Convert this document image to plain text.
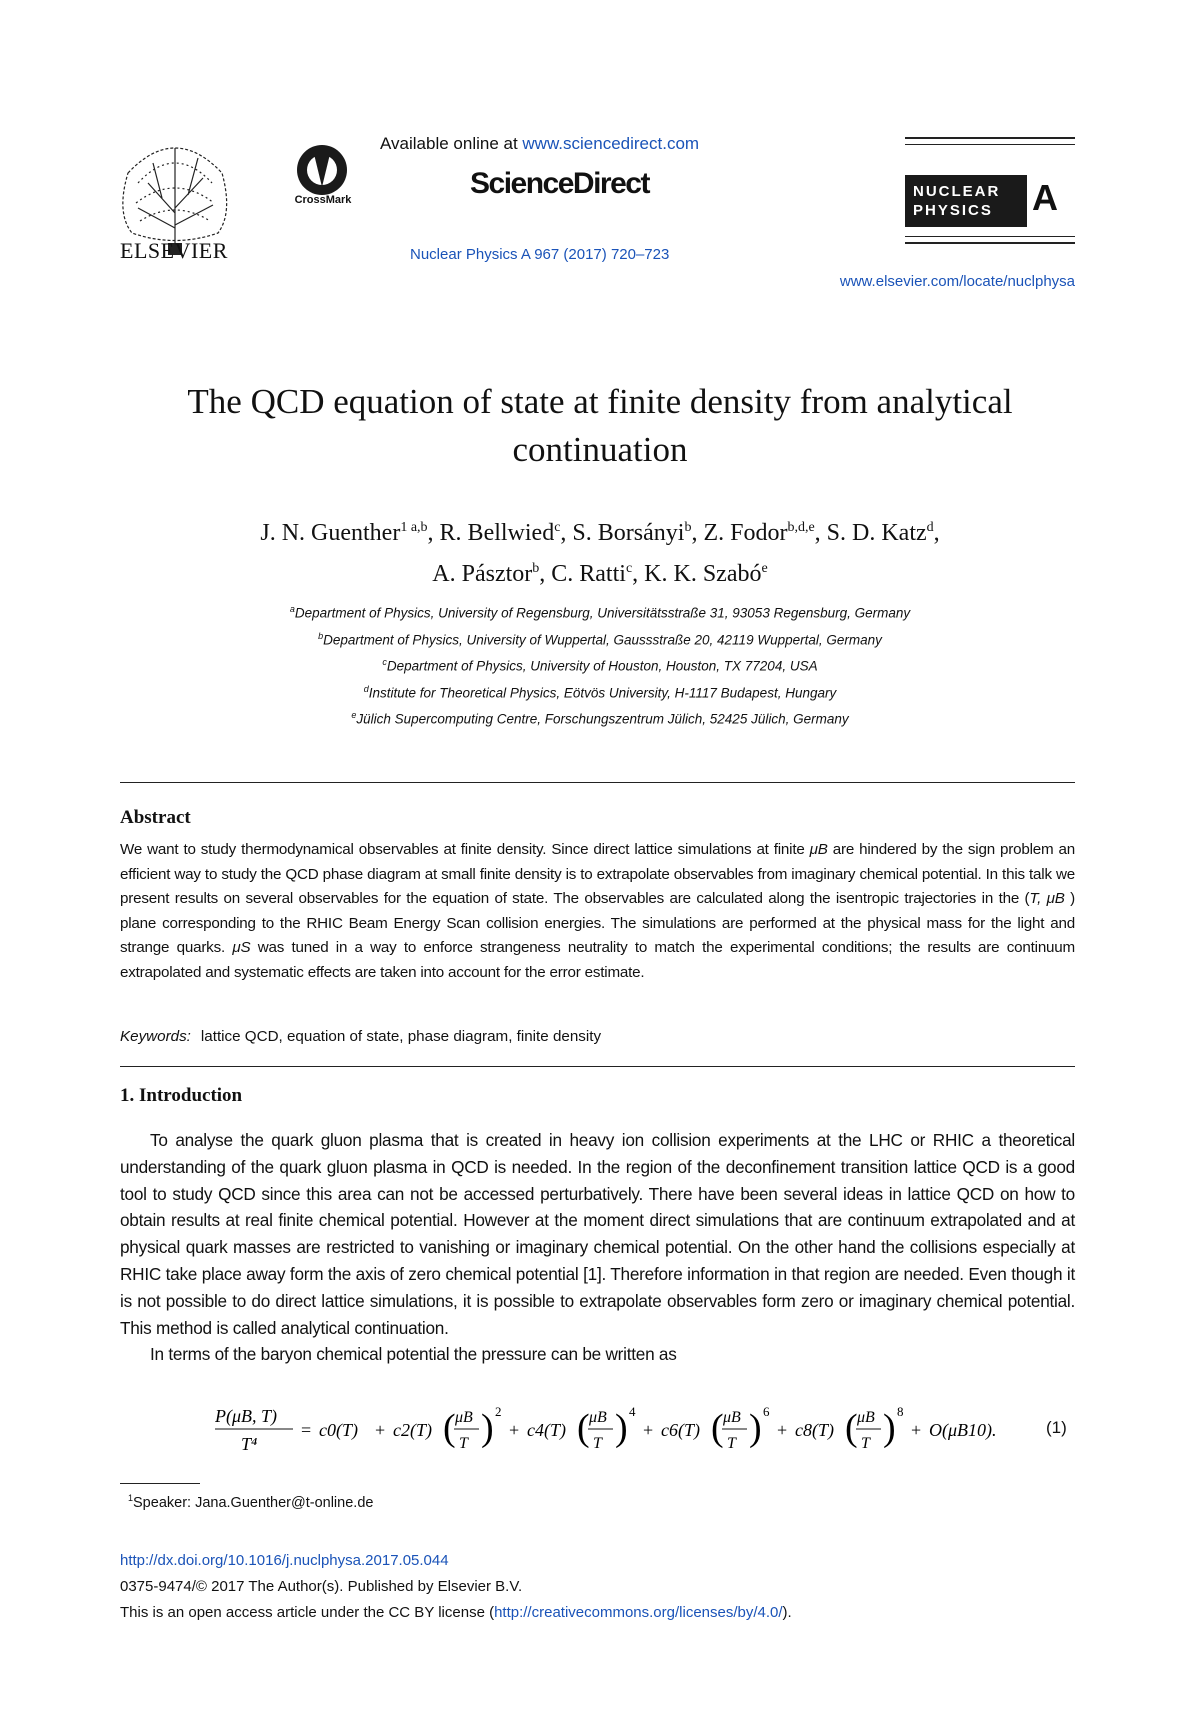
ELSEVIER
CrossMark
Available online at www.sciencedirect.com
ScienceDirect
Nuclear Physics A 967 (2017) 720–723
NUCLEAR
PHYSICS	A
www.elsevier.com/locate/nuclphysa
The QCD equation of state at finite density from analytical continuation
J. N. Guenther$^{1 a,b}$, R. Bellwied$^c$, S. Borsányi$^b$, Z. Fodor$^{b,d,e}$, S. D. Katz$^d$,
A. Pásztor$^b$, C. Ratti$^c$, K. K. Szabó$^e$
$^a$Department of Physics, University of Regensburg, Universitätsstraße 31, 93053 Regensburg, Germany
$^b$Department of Physics, University of Wuppertal, Gaussstraße 20, 42119 Wuppertal, Germany
$^c$Department of Physics, University of Houston, Houston, TX 77204, USA
$^d$Institute for Theoretical Physics, Eötvös University, H-1117 Budapest, Hungary
$^e$Jülich Supercomputing Centre, Forschungszentrum Jülich, 52425 Jülich, Germany
Abstract
We want to study thermodynamical observables at finite density. Since direct lattice simulations at finite μB are hindered by the sign problem an efficient way to study the QCD phase diagram at small finite density is to extrapolate observables from imaginary chemical potential. In this talk we present results on several observables for the equation of state. The observables are calculated along the isentropic trajectories in the (T, μB ) plane corresponding to the RHIC Beam Energy Scan collision energies. The simulations are performed at the physical mass for the light and strange quarks. μS was tuned in a way to enforce strangeness neutrality to match the experimental conditions; the results are continuum extrapolated and systematic effects are taken into account for the error estimate.
Keywords: lattice QCD, equation of state, phase diagram, finite density
1. Introduction

To analyse the quark gluon plasma that is created in heavy ion collision experiments at the LHC or RHIC a theoretical understanding of the quark gluon plasma in QCD is needed. In the region of the deconfinement transition lattice QCD is a good tool to study QCD since this area can not be accessed perturbatively. There have been several ideas in lattice QCD on how to obtain results at real finite chemical potential. However at the moment direct simulations that are continuum extrapolated and at physical quark masses are restricted to vanishing or imaginary chemical potential. On the other hand the collisions especially at RHIC take place away form the axis of zero chemical potential [1]. Therefore information in that region are needed. Even though it is not possible to do direct lattice simulations, it is possible to extrapolate observables form zero or imaginary chemical potential. This method is called analytical continuation.

In terms of the baryon chemical potential the pressure can be written as

P(μB, T)
T⁴
= c0(T) + c2(T) ( μB
T ) 2
+ c4(T) ( μB
T ) 4
+ c6(T) ( μB
T ) 6
+ c8(T) ( μB
T ) 8
+ O(μB10).	(1)
$^1$Speaker: Jana.Guenther@t-online.de
http://dx.doi.org/10.1016/j.nuclphysa.2017.05.044
0375-9474/© 2017 The Author(s). Published by Elsevier B.V.
This is an open access article under the CC BY license (http://creativecommons.org/licenses/by/4.0/).
